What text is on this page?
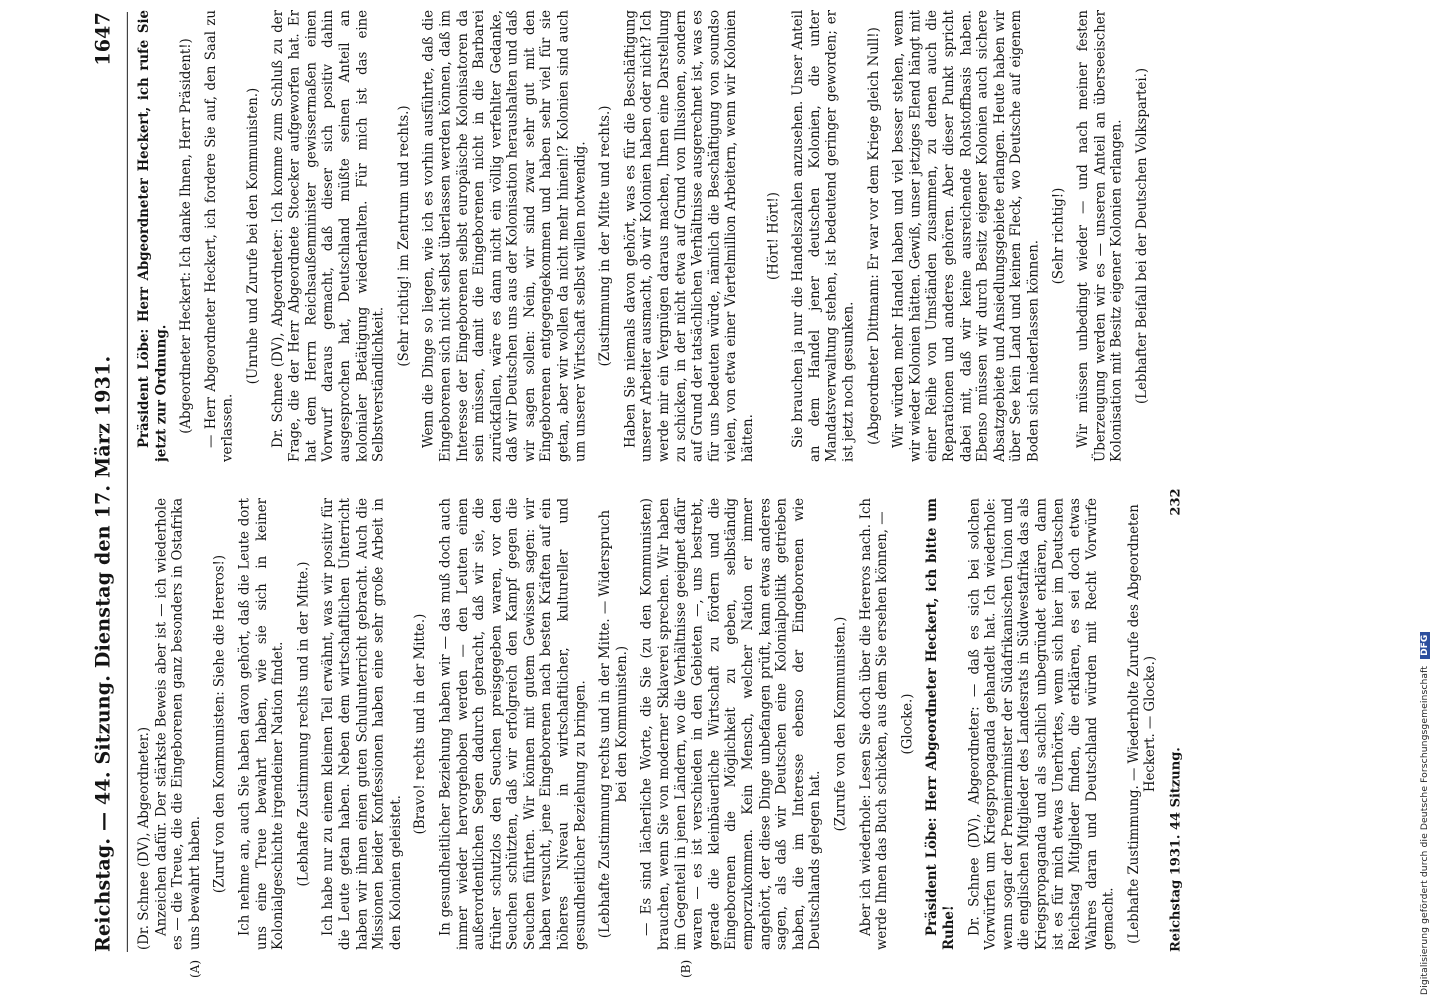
Reichstag. — 44. Sitzung. Dienstag den 17. März 1931.
1647
(A)	(B)

(Dr. Schnee (DV), Abgeordneter.) Anzeichen dafür. Der stärkste Beweis aber ist — ich wiederhole es — die Treue, die die Eingeborenen ganz besonders in Ostafrika uns bewahrt haben. (Zuruf von den Kommunisten: Siehe die Hereros!) Ich nehme an, auch Sie haben davon gehört, daß die Leute dort uns eine Treue bewahrt haben, wie sie sich in keiner Kolonialgeschichte irgendeiner Nation findet. (Lebhafte Zustimmung rechts und in der Mitte.) Ich habe nur zu einem kleinen Teil erwähnt, was wir positiv für die Leute getan haben. Neben dem wirtschaftlichen Unterricht haben wir ihnen einen guten Schulunterricht gebracht. Auch die Missionen beider Konfessionen haben eine sehr große Arbeit in den Kolonien geleistet.

(Bravo! rechts und in der Mitte.) In gesundheitlicher Beziehung haben wir — das muß doch auch immer wieder hervorgehoben werden — den Leuten einen außerordentlichen Segen dadurch gebracht, daß wir sie, die früher schutzlos den Seuchen preisgegeben waren, vor den Seuchen schützten, daß wir erfolgreich den Kampf gegen die Seuchen führten. Wir können mit gutem Gewissen sagen: wir haben versucht, jene Eingeborenen nach besten Kräften auf ein höheres Niveau in wirtschaftlicher, kultureller und gesundheitlicher Beziehung zu bringen. (Lebhafte Zustimmung rechts und in der Mitte. — Widerspruch bei den Kommunisten.) — Es sind lächerliche Worte, die Sie (zu den Kommunisten) brauchen, wenn Sie von moderner Sklaverei sprechen. Wir haben im Gegenteil in jenen Ländern, wo die Verhältnisse geeignet dafür waren — es ist verschieden in den Gebieten —, uns bestrebt, gerade die kleinbäuerliche Wirtschaft zu fördern und die Eingeborenen die Möglichkeit zu geben, selbständig emporzukommen. Kein Mensch, welcher Nation er immer angehört, der diese Dinge unbefangen prüft, kann etwas anderes sagen, als daß wir Deutschen eine Kolonialpolitik getrieben haben, die im Interesse ebenso der Eingeborenen wie Deutschlands gelegen hat.

(Zurufe von den Kommunisten.) Aber ich wiederhole: Lesen Sie doch über die Hereros nach. Ich werde Ihnen das Buch schicken, aus dem Sie ersehen können, — (Glocke.) Präsident Löbe: Herr Abgeordneter Heckert, ich bitte um Ruhe! Dr. Schnee (DV), Abgeordneter: — daß es sich bei solchen Vorwürfen um Kriegspropaganda gehandelt hat. Ich wiederhole: wenn sogar der Premierminister der Südafrikanischen Union und die englischen Mitglieder des Landesrats in Südwestafrika das als Kriegspropaganda und als sachlich unbegründet erklären, dann ist es für mich etwas Unerhörtes, wenn sich hier im Deutschen Reichstag Mitglieder finden, die erklären, es sei doch etwas Wahres daran und Deutschland würden mit Recht Vorwürfe gemacht. (Lebhafte Zustimmung. — Wiederholte Zurufe des Abgeordneten Heckert. — Glocke.)

Präsident Löbe: Herr Abgeordneter Heckert, ich rufe Sie jetzt zur Ordnung. (Abgeordneter Heckert: Ich danke Ihnen, Herr Präsident!) — Herr Abgeordneter Heckert, ich fordere Sie auf, den Saal zu verlassen.

(Unruhe und Zurufe bei den Kommunisten.) Dr. Schnee (DV), Abgeordneter: Ich komme zum Schluß zu der Frage, die der Herr Abgeordnete Stoecker aufgeworfen hat. Er hat dem Herrn Reichsaußenminister gewissermaßen einen Vorwurf daraus gemacht, daß dieser sich positiv dahin ausgesprochen hat, Deutschland müßte seinen Anteil an kolonialer Betätigung wiederhalten. Für mich ist das eine Selbstverständlichkeit.

(Sehr richtig! im Zentrum und rechts.) Wenn die Dinge so liegen, wie ich es vorhin ausführte, daß die Eingeborenen sich nicht selbst überlassen werden können, daß im Interesse der Eingeborenen selbst europäische Kolonisatoren da sein müssen, damit die Eingeborenen nicht in die Barbarei zurückfallen, wäre es dann nicht ein völlig verfehlter Gedanke, daß wir Deutschen uns aus der Kolonisation heraushalten und daß wir sagen sollen: Nein, wir sind zwar sehr gut mit den Eingeborenen entgegengekommen und haben sehr viel für sie getan, aber wir wollen da nicht mehr hinein!? Kolonien sind auch um unserer Wirtschaft selbst willen notwendig. (Zustimmung in der Mitte und rechts.) Haben Sie niemals davon gehört, was es für die Beschäftigung unserer Arbeiter ausmacht, ob wir Kolonien haben oder nicht? Ich werde mir ein Vergnügen daraus machen, Ihnen eine Darstellung zu schicken, in der nicht etwa auf Grund von Illusionen, sondern auf Grund der tatsächlichen Verhältnisse ausgerechnet ist, was es für uns bedeuten würde, nämlich die Beschäftigung von soundso vielen, von etwa einer Viertelmillion Arbeitern, wenn wir Kolonien hätten.

(Hört! Hört!) Sie brauchen ja nur die Handelszahlen anzusehen. Unser Anteil an dem Handel jener deutschen Kolonien, die unter Mandatsverwaltung stehen, ist bedeutend geringer geworden; er ist jetzt noch gesunken. (Abgeordneter Dittmann: Er war vor dem Kriege gleich Null!) Wir würden mehr Handel haben und viel besser stehen, wenn wir wieder Kolonien hätten. Gewiß, unser jetziges Elend hängt mit einer Reihe von Umständen zusammen, zu denen auch die Reparationen und anderes gehören. Aber dieser Punkt spricht dabei mit, daß wir keine ausreichende Rohstoffbasis haben. Ebenso müssen wir durch Besitz eigener Kolonien auch sichere Absatzgebiete und Ansiedlungsgebiete erlangen. Heute haben wir über See kein Land und keinen Fleck, wo Deutsche auf eigenem Boden sich niederlassen können.

(Sehr richtig!) Wir müssen unbedingt wieder — und nach meiner festen Überzeugung werden wir es — unseren Anteil an überseeischer Kolonisation mit Besitz eigener Kolonien erlangen. (Lebhafter Beifall bei der Deutschen Volkspartei.)

Reichstag 1931. 44 Sitzung.
232
Digitalisierung gefördert durch die Deutsche Forschungsgemeinschaft DFG
